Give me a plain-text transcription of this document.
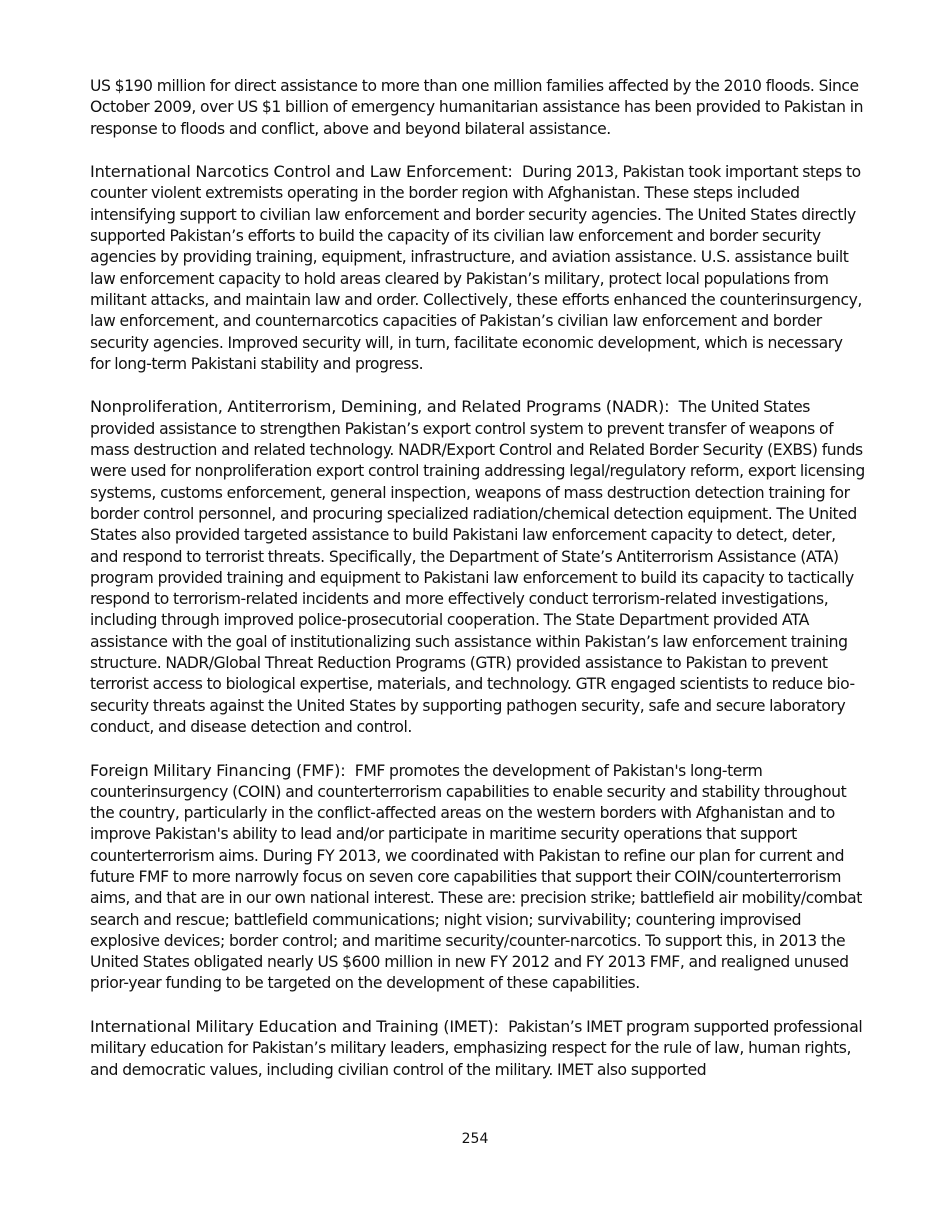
US $190 million for direct assistance to more than one million families affected by the 2010 floods. Since October 2009, over US $1 billion of emergency humanitarian assistance has been provided to Pakistan in response to floods and conflict, above and beyond bilateral assistance.

International Narcotics Control and Law Enforcement:  During 2013, Pakistan took important steps to counter violent extremists operating in the border region with Afghanistan. These steps included intensifying support to civilian law enforcement and border security agencies. The United States directly supported Pakistan’s efforts to build the capacity of its civilian law enforcement and border security agencies by providing training, equipment, infrastructure, and aviation assistance. U.S. assistance built law enforcement capacity to hold areas cleared by Pakistan’s military, protect local populations from militant attacks, and maintain law and order. Collectively, these efforts enhanced the counterinsurgency, law enforcement, and counternarcotics capacities of Pakistan’s civilian law enforcement and border security agencies. Improved security will, in turn, facilitate economic development, which is necessary for long-term Pakistani stability and progress.

Nonproliferation, Antiterrorism, Demining, and Related Programs (NADR):  The United States provided assistance to strengthen Pakistan’s export control system to prevent transfer of weapons of mass destruction and related technology. NADR/Export Control and Related Border Security (EXBS) funds were used for nonproliferation export control training addressing legal/regulatory reform, export licensing systems, customs enforcement, general inspection, weapons of mass destruction detection training for border control personnel, and procuring specialized radiation/chemical detection equipment. The United States also provided targeted assistance to build Pakistani law enforcement capacity to detect, deter, and respond to terrorist threats. Specifically, the Department of State’s Antiterrorism Assistance (ATA) program provided training and equipment to Pakistani law enforcement to build its capacity to tactically respond to terrorism-related incidents and more effectively conduct terrorism-related investigations, including through improved police-prosecutorial cooperation. The State Department provided ATA assistance with the goal of institutionalizing such assistance within Pakistan’s law enforcement training structure. NADR/Global Threat Reduction Programs (GTR) provided assistance to Pakistan to prevent terrorist access to biological expertise, materials, and technology. GTR engaged scientists to reduce bio-security threats against the United States by supporting pathogen security, safe and secure laboratory conduct, and disease detection and control.

Foreign Military Financing (FMF):  FMF promotes the development of Pakistan's long-term counterinsurgency (COIN) and counterterrorism capabilities to enable security and stability throughout the country, particularly in the conflict-affected areas on the western borders with Afghanistan and to improve Pakistan's ability to lead and/or participate in maritime security operations that support counterterrorism aims. During FY 2013, we coordinated with Pakistan to refine our plan for current and future FMF to more narrowly focus on seven core capabilities that support their COIN/counterterrorism aims, and that are in our own national interest. These are: precision strike; battlefield air mobility/combat search and rescue; battlefield communications; night vision; survivability; countering improvised explosive devices; border control; and maritime security/counter-narcotics. To support this, in 2013 the United States obligated nearly US $600 million in new FY 2012 and FY 2013 FMF, and realigned unused prior-year funding to be targeted on the development of these capabilities.

International Military Education and Training (IMET):  Pakistan’s IMET program supported professional military education for Pakistan’s military leaders, emphasizing respect for the rule of law, human rights, and democratic values, including civilian control of the military. IMET also supported

254
